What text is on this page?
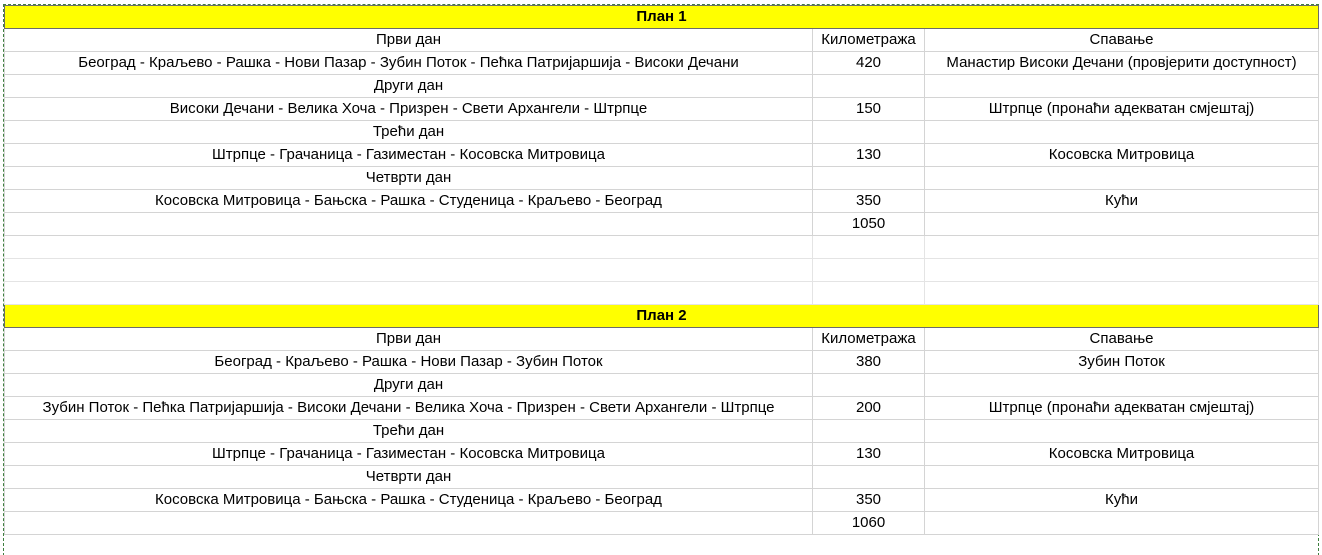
План 1		
Први дан	Километража	Спавање
Београд - Краљево - Рашка - Нови Пазар - Зубин Поток - Пећка Патријаршија - Високи Дечани	420	Манастир Високи Дечани (провјерити доступност)
Други дан		
Високи Дечани - Велика Хоча - Призрен - Свети Архангели - Штрпце	150	Штрпце (пронаћи адекватан смјештај)
Трећи дан		
Штрпце - Грачаница - Газиместан - Косовска Митровица	130	Косовска Митровица
Четврти дан		
Косовска Митровица - Бањска - Рашка - Студеница - Краљево - Београд	350	Кући
	1050	

План 2		
Први дан	Километража	Спавање
Београд - Краљево - Рашка - Нови Пазар - Зубин Поток	380	Зубин Поток
Други дан		
Зубин Поток - Пећка Патријаршија - Високи Дечани - Велика Хоча - Призрен - Свети Архангели - Штрпце	200	Штрпце (пронаћи адекватан смјештај)
Трећи дан		
Штрпце - Грачаница - Газиместан - Косовска Митровица	130	Косовска Митровица
Четврти дан		
Косовска Митровица - Бањска - Рашка - Студеница - Краљево - Београд	350	Кући
	1060	
